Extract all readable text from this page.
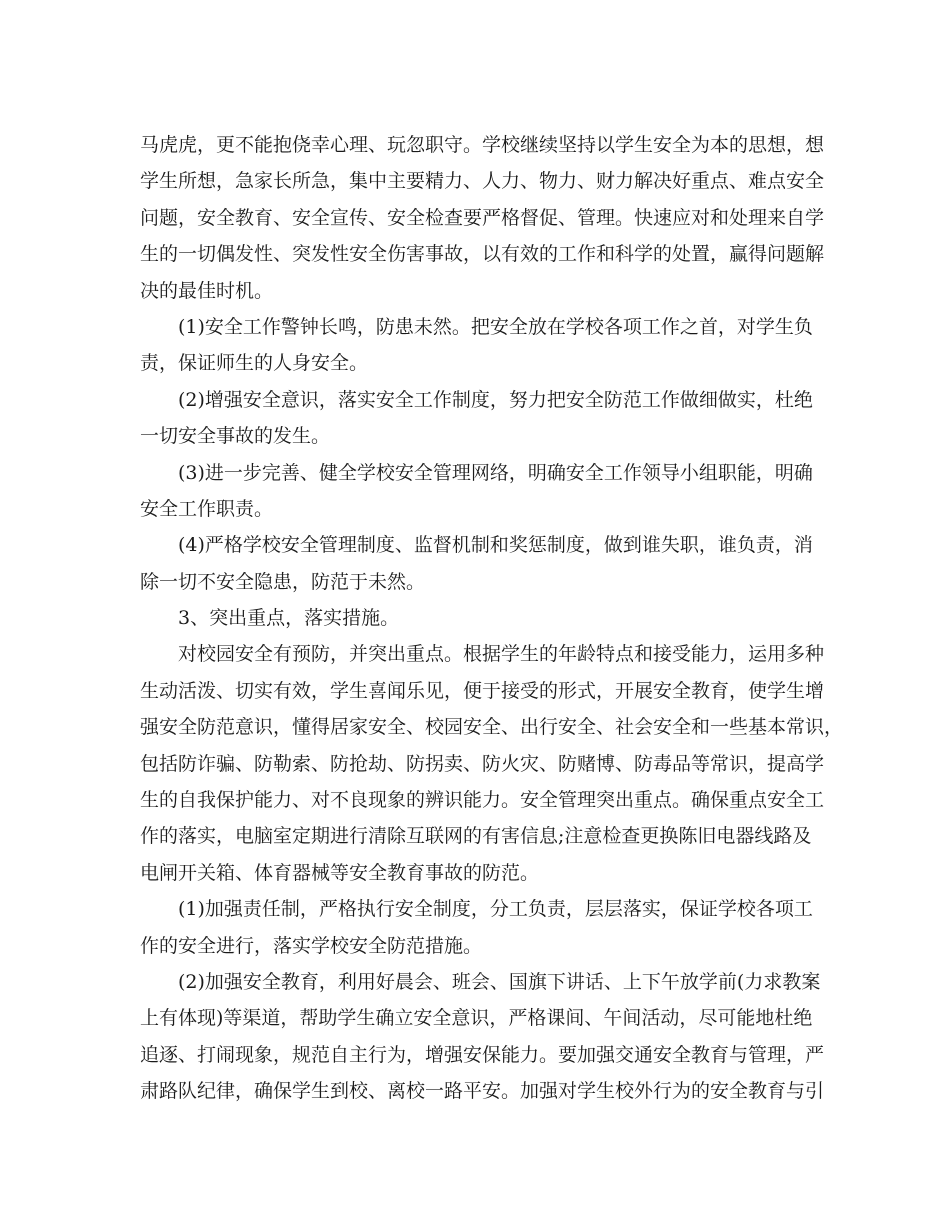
马虎虎，更不能抱侥幸心理、玩忽职守。学校继续坚持以学生安全为本的思想，想
学生所想，急家长所急，集中主要精力、人力、物力、财力解决好重点、难点安全
问题，安全教育、安全宣传、安全检查要严格督促、管理。快速应对和处理来自学
生的一切偶发性、突发性安全伤害事故，以有效的工作和科学的处置，赢得问题解
决的最佳时机。
(1)安全工作警钟长鸣，防患未然。把安全放在学校各项工作之首，对学生负
责，保证师生的人身安全。
(2)增强安全意识，落实安全工作制度，努力把安全防范工作做细做实，杜绝
一切安全事故的发生。
(3)进一步完善、健全学校安全管理网络，明确安全工作领导小组职能，明确
安全工作职责。
(4)严格学校安全管理制度、监督机制和奖惩制度，做到谁失职，谁负责，消
除一切不安全隐患，防范于未然。
3、突出重点，落实措施。
对校园安全有预防，并突出重点。根据学生的年龄特点和接受能力，运用多种
生动活泼、切实有效，学生喜闻乐见，便于接受的形式，开展安全教育，使学生增
强安全防范意识，懂得居家安全、校园安全、出行安全、社会安全和一些基本常识，
包括防诈骗、防勒索、防抢劫、防拐卖、防火灾、防赌博、防毒品等常识，提高学
生的自我保护能力、对不良现象的辨识能力。安全管理突出重点。确保重点安全工
作的落实，电脑室定期进行清除互联网的有害信息;注意检查更换陈旧电器线路及
电闸开关箱、体育器械等安全教育事故的防范。
(1)加强责任制，严格执行安全制度，分工负责，层层落实，保证学校各项工
作的安全进行，落实学校安全防范措施。
(2)加强安全教育，利用好晨会、班会、国旗下讲话、上下午放学前(力求教案
上有体现)等渠道，帮助学生确立安全意识，严格课间、午间活动，尽可能地杜绝
追逐、打闹现象，规范自主行为，增强安保能力。要加强交通安全教育与管理，严
肃路队纪律，确保学生到校、离校一路平安。加强对学生校外行为的安全教育与引
